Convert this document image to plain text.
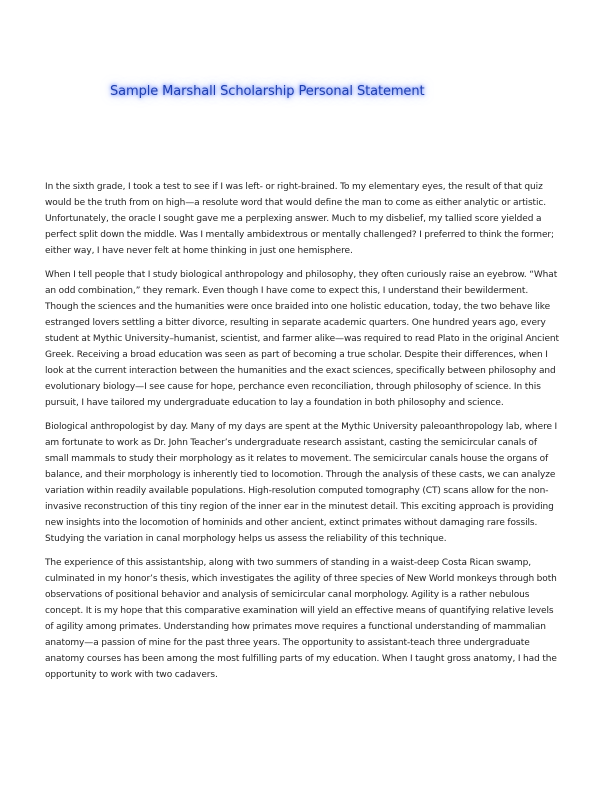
Sample Marshall Scholarship Personal Statement

In the sixth grade, I took a test to see if I was left- or right-brained. To my elementary eyes, the result of that quiz would be the truth from on high—a resolute word that would define the man to come as either analytic or artistic. Unfortunately, the oracle I sought gave me a perplexing answer. Much to my disbelief, my tallied score yielded a perfect split down the middle. Was I mentally ambidextrous or mentally challenged? I preferred to think the former; either way, I have never felt at home thinking in just one hemisphere.

When I tell people that I study biological anthropology and philosophy, they often curiously raise an eyebrow. “What an odd combination,” they remark. Even though I have come to expect this, I understand their bewilderment. Though the sciences and the humanities were once braided into one holistic education, today, the two behave like estranged lovers settling a bitter divorce, resulting in separate academic quarters. One hundred years ago, every student at Mythic University–humanist, scientist, and farmer alike—was required to read Plato in the original Ancient Greek. Receiving a broad education was seen as part of becoming a true scholar. Despite their differences, when I look at the current interaction between the humanities and the exact sciences, specifically between philosophy and evolutionary biology—I see cause for hope, perchance even reconciliation, through philosophy of science. In this pursuit, I have tailored my undergraduate education to lay a foundation in both philosophy and science.

Biological anthropologist by day. Many of my days are spent at the Mythic University paleoanthropology lab, where I am fortunate to work as Dr. John Teacher’s undergraduate research assistant, casting the semicircular canals of small mammals to study their morphology as it relates to movement. The semicircular canals house the organs of balance, and their morphology is inherently tied to locomotion. Through the analysis of these casts, we can analyze variation within readily available populations. High-resolution computed tomography (CT) scans allow for the non-invasive reconstruction of this tiny region of the inner ear in the minutest detail. This exciting approach is providing new insights into the locomotion of hominids and other ancient, extinct primates without damaging rare fossils. Studying the variation in canal morphology helps us assess the reliability of this technique.

The experience of this assistantship, along with two summers of standing in a waist-deep Costa Rican swamp, culminated in my honor’s thesis, which investigates the agility of three species of New World monkeys through both observations of positional behavior and analysis of semicircular canal morphology. Agility is a rather nebulous concept. It is my hope that this comparative examination will yield an effective means of quantifying relative levels of agility among primates. Understanding how primates move requires a functional understanding of mammalian anatomy—a passion of mine for the past three years. The opportunity to assistant-teach three undergraduate anatomy courses has been among the most fulfilling parts of my education. When I taught gross anatomy, I had the opportunity to work with two cadavers.
